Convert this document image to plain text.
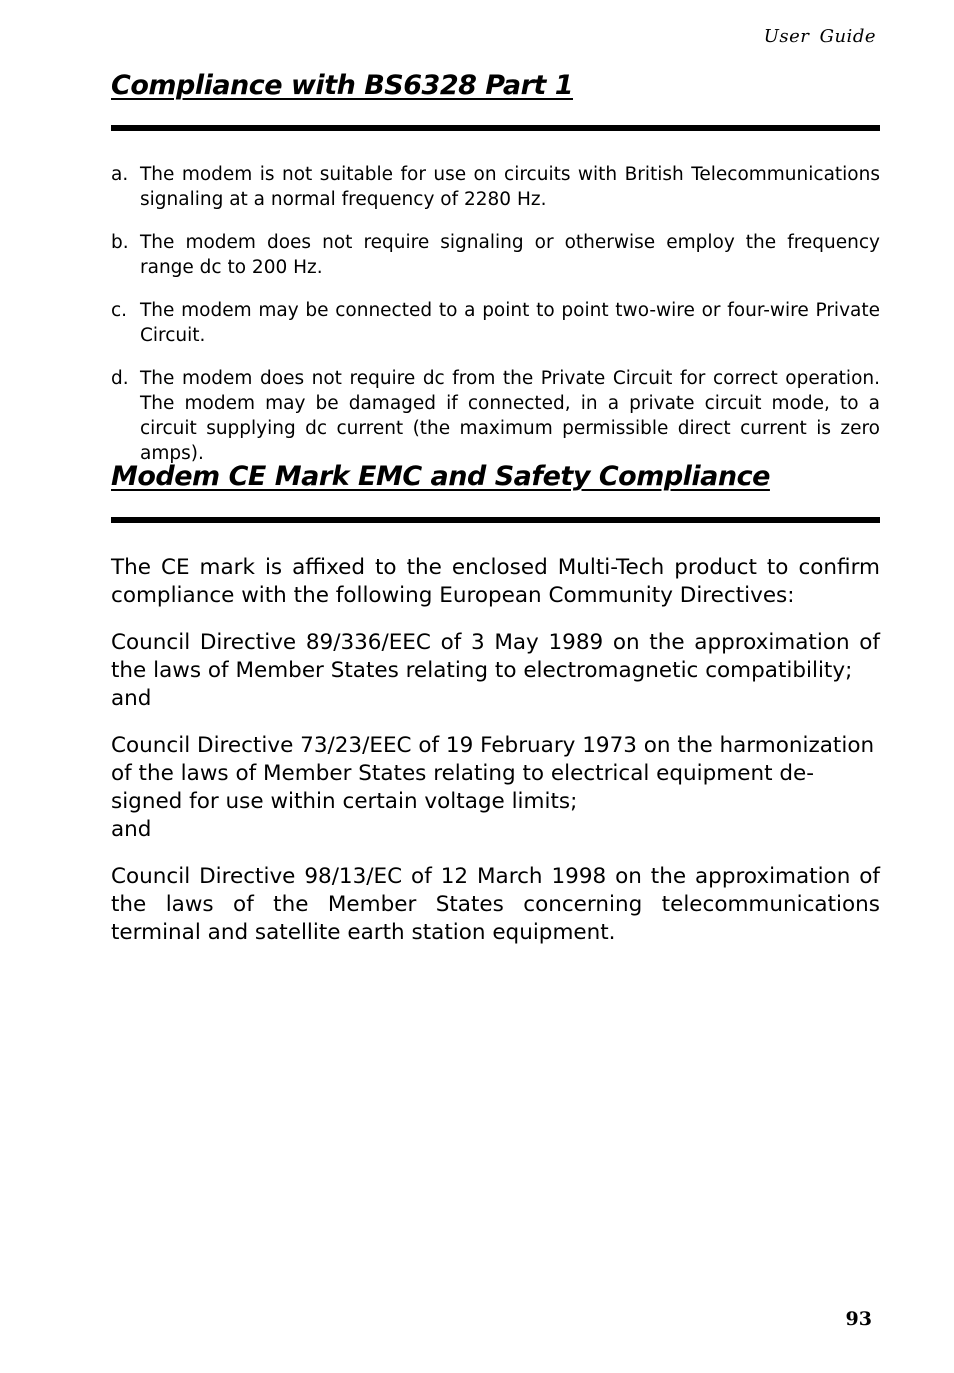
User Guide
Compliance with BS6328 Part 1
a. The modem is not suitable for use on circuits with British Telecommunications signaling at a normal frequency of 2280 Hz.
b. The modem does not require signaling or otherwise employ the frequency range dc to 200 Hz.
c. The modem may be connected to a point to point two-wire or four-wire Private Circuit.
d. The modem does not require dc from the Private Circuit for correct operation. The modem may be damaged if connected, in a private circuit mode, to a circuit supplying dc current (the maximum permissible direct current is zero amps).
Modem CE Mark EMC and Safety Compliance

The CE mark is affixed to the enclosed Multi-Tech product to confirm compliance with the following European Community Directives:

Council Directive 89/336/EEC of 3 May 1989 on the approximation of the laws of Member States relating to electromagnetic compatibility;
and

Council Directive 73/23/EEC of 19 February 1973 on the harmonization
of the laws of Member States relating to electrical equipment de-
signed for use within certain voltage limits;
and

Council Directive 98/13/EC of 12 March 1998 on the approximation of the laws of the Member States concerning telecommunications terminal and satellite earth station equipment.

93
